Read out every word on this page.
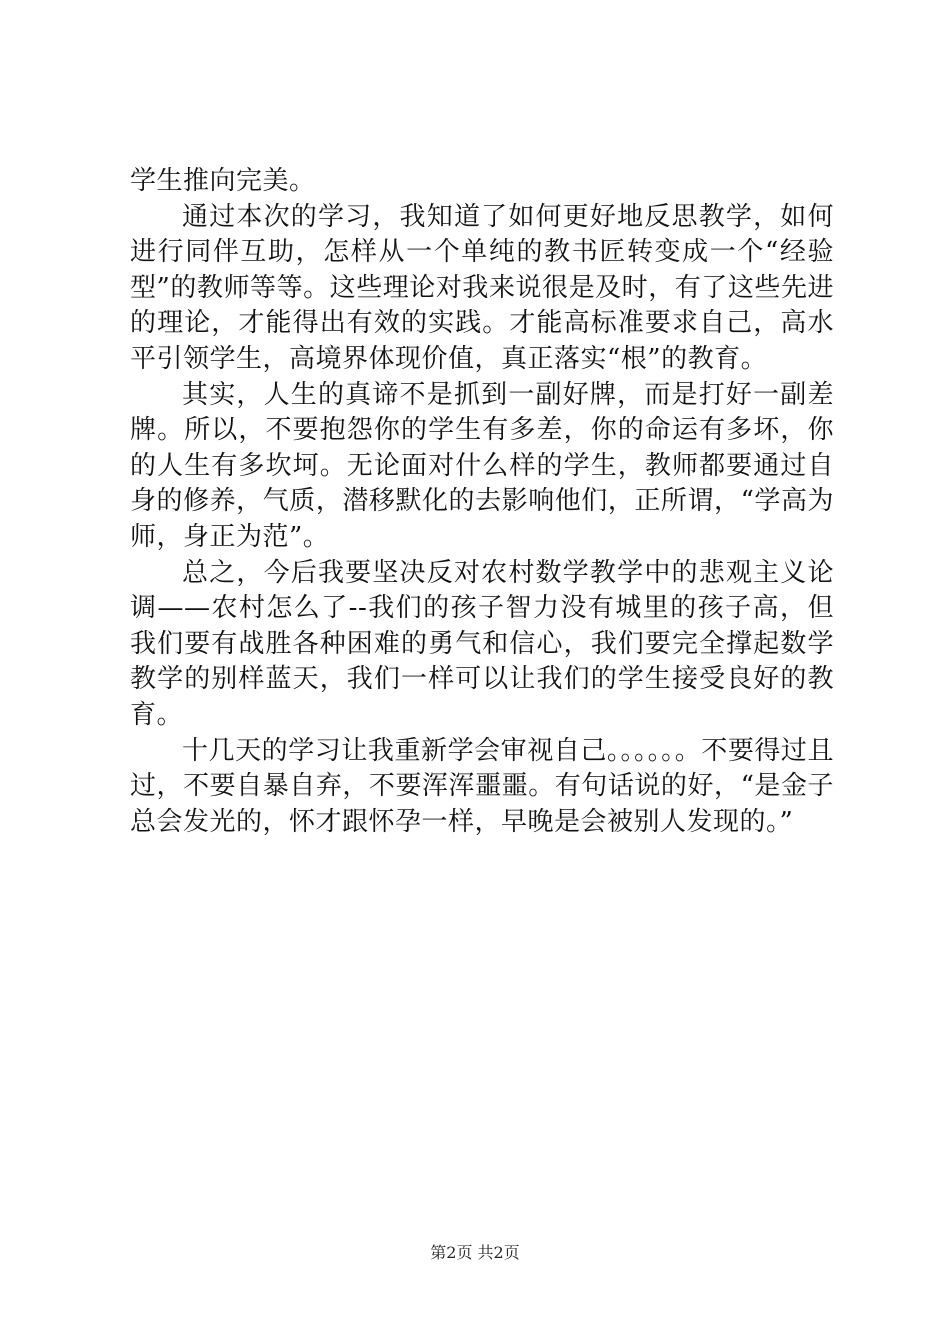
学生推向完美。

通过本次的学习，我知道了如何更好地反思教学，如何进行同伴互助，怎样从一个单纯的教书匠转变成一个“经验型”的教师等等。这些理论对我来说很是及时，有了这些先进的理论，才能得出有效的实践。才能高标准要求自己，高水平引领学生，高境界体现价值，真正落实“根”的教育。

其实，人生的真谛不是抓到一副好牌，而是打好一副差牌。所以，不要抱怨你的学生有多差，你的命运有多坏，你的人生有多坎坷。无论面对什么样的学生，教师都要通过自身的修养，气质，潜移默化的去影响他们，正所谓，“学高为师，身正为范”。

总之，今后我要坚决反对农村数学教学中的悲观主义论调——农村怎么了--我们的孩子智力没有城里的孩子高，但我们要有战胜各种困难的勇气和信心，我们要完全撑起数学教学的别样蓝天，我们一样可以让我们的学生接受良好的教育。

十几天的学习让我重新学会审视自己。。。。。。不要得过且过，不要自暴自弃，不要浑浑噩噩。有句话说的好，“是金子总会发光的，怀才跟怀孕一样，早晚是会被别人发现的。”

第2页 共2页
